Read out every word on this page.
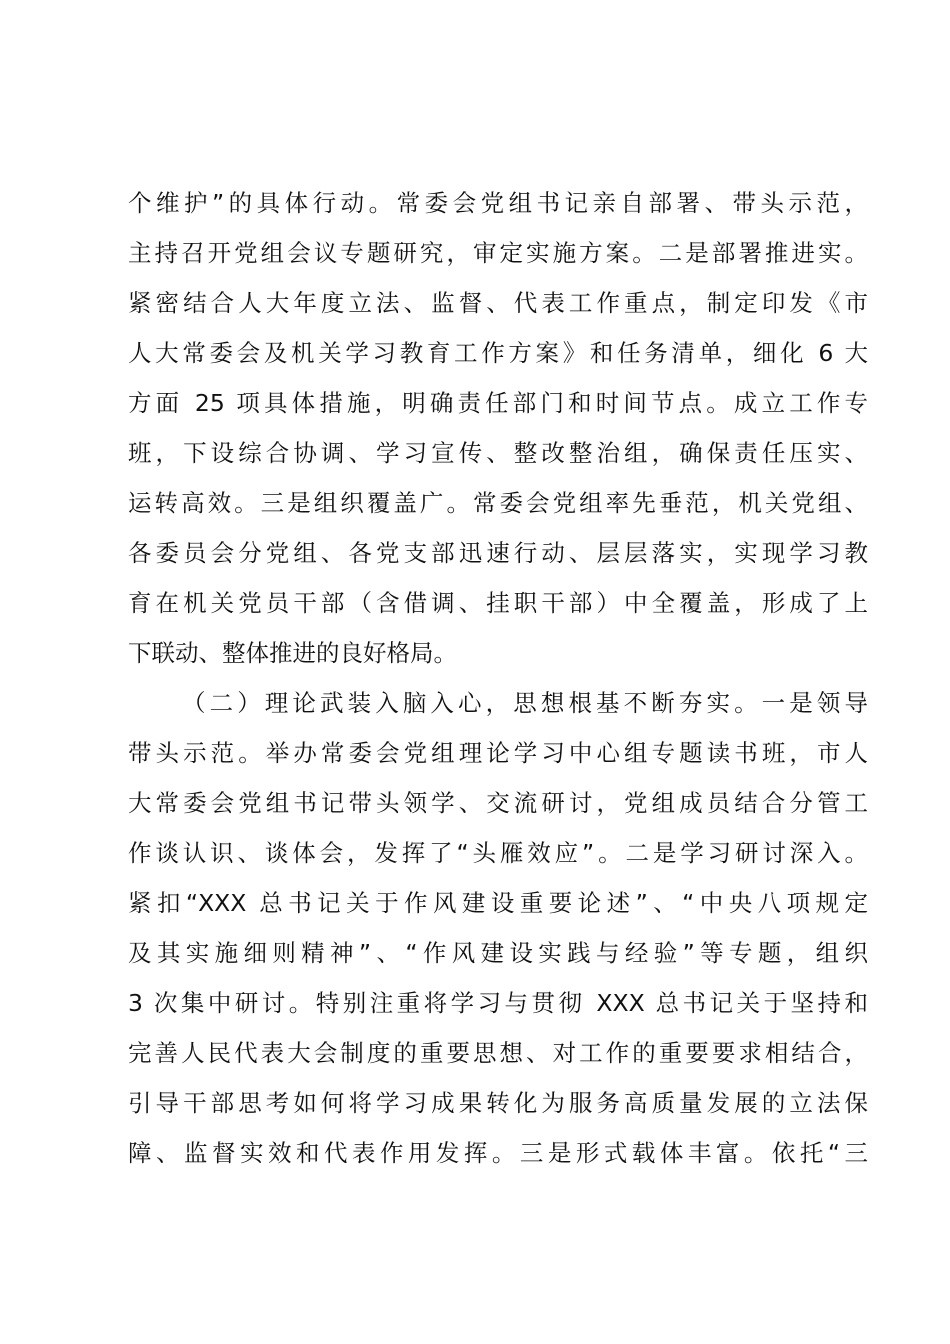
个维护”的具体行动。常委会党组书记亲自部署、带头示范，
主持召开党组会议专题研究，审定实施方案。二是部署推进实。
紧密结合人大年度立法、监督、代表工作重点，制定印发《市
人大常委会及机关学习教育工作方案》和任务清单，细化 6 大
方面 25 项具体措施，明确责任部门和时间节点。成立工作专
班，下设综合协调、学习宣传、整改整治组，确保责任压实、
运转高效。三是组织覆盖广。常委会党组率先垂范，机关党组、
各委员会分党组、各党支部迅速行动、层层落实，实现学习教
育在机关党员干部（含借调、挂职干部）中全覆盖，形成了上
下联动、整体推进的良好格局。
（二）理论武装入脑入心，思想根基不断夯实。一是领导
带头示范。举办常委会党组理论学习中心组专题读书班，市人
大常委会党组书记带头领学、交流研讨，党组成员结合分管工
作谈认识、谈体会，发挥了“头雁效应”。二是学习研讨深入。
紧扣“XXX 总书记关于作风建设重要论述”、“中央八项规定
及其实施细则精神”、“作风建设实践与经验”等专题，组织
3 次集中研讨。特别注重将学习与贯彻 XXX 总书记关于坚持和
完善人民代表大会制度的重要思想、对工作的重要要求相结合，
引导干部思考如何将学习成果转化为服务高质量发展的立法保
障、监督实效和代表作用发挥。三是形式载体丰富。依托“三
